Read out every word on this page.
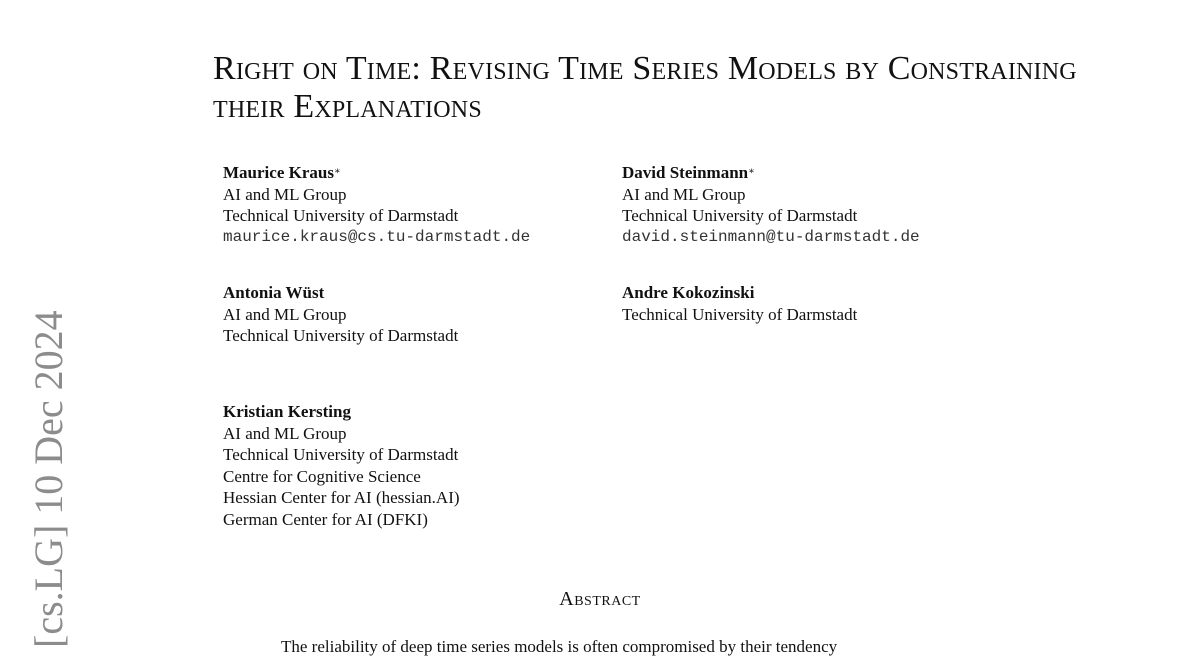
[cs.LG] 10 Dec 2024
Right on Time: Revising Time Series Models by Constraining their Explanations
Maurice Kraus∗
AI and ML Group
Technical University of Darmstadt
maurice.kraus@cs.tu-darmstadt.de
David Steinmann∗
AI and ML Group
Technical University of Darmstadt
david.steinmann@tu-darmstadt.de
Antonia Wüst
AI and ML Group
Technical University of Darmstadt
Andre Kokozinski
Technical University of Darmstadt
Kristian Kersting
AI and ML Group
Technical University of Darmstadt
Centre for Cognitive Science
Hessian Center for AI (hessian.AI)
German Center for AI (DFKI)
Abstract

The reliability of deep time series models is often compromised by their tendency
